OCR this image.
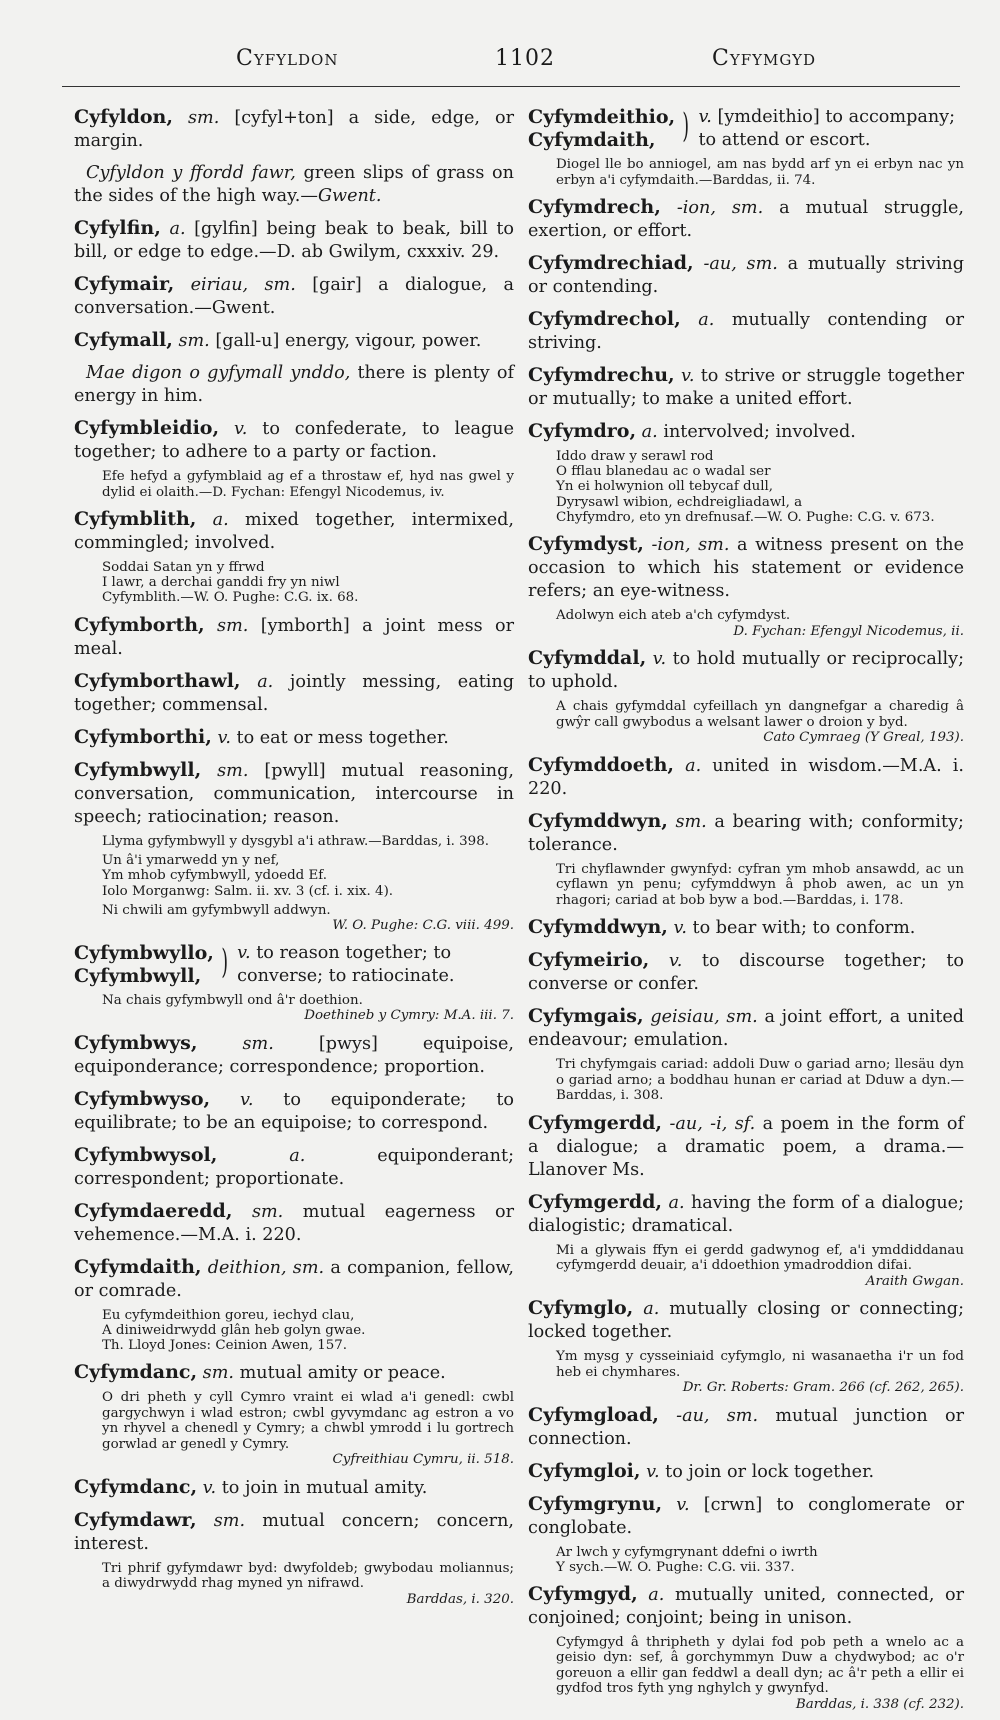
Cyfyldon	1102	Cyfymgyd
Cyfyldon, sm. [cyfyl+ton] a side, edge, or margin.
Cyfyldon y ffordd fawr, green slips of grass on the sides of the high way.—Gwent.
Cyfylfin, a. [gylfin] being beak to beak, bill to bill, or edge to edge.—D. ab Gwilym, cxxxiv. 29.
Cyfymair, eiriau, sm. [gair] a dialogue, a conversation.—Gwent.
Cyfymall, sm. [gall-u] energy, vigour, power.
Mae digon o gyfymall ynddo, there is plenty of energy in him.
Cyfymbleidio, v. to confederate, to league together; to adhere to a party or faction.
Efe hefyd a gyfymblaid ag ef a throstaw ef, hyd nas gwel y dylid ei olaith.—D. Fychan: Efengyl Nicodemus, iv.
Cyfymblith, a. mixed together, intermixed, commingled; involved.
Soddai Satan yn y ffrwd
I lawr, a derchai ganddi fry yn niwl
Cyfymblith.—W. O. Pughe: C.G. ix. 68.
Cyfymborth, sm. [ymborth] a joint mess or meal.
Cyfymborthawl, a. jointly messing, eating together; commensal.
Cyfymborthi, v. to eat or mess together.
Cyfymbwyll, sm. [pwyll] mutual reasoning, conversation, communication, intercourse in speech; ratiocination; reason.
Llyma gyfymbwyll y dysgybl a'i athraw.—Barddas, i. 398.
Un â'i ymarwedd yn y nef,
Ym mhob cyfymbwyll, ydoedd Ef.
Iolo Morganwg: Salm. ii. xv. 3 (cf. i. xix. 4).
Ni chwili am gyfymbwyll addwyn.
W. O. Pughe: C.G. viii. 499.
Cyfymbwyllo,
Cyfymbwyll, ) v. to reason together; to converse; to ratiocinate.
Na chais gyfymbwyll ond â'r doethion.
Doethineb y Cymry: M.A. iii. 7.
Cyfymbwys,	sm.	[pwys] equipoise, equiponderance; correspondence; proportion.
Cyfymbwyso, v. to equiponderate; to equilibrate; to be an equipoise; to correspond.
Cyfymbwysol,	a.	equiponderant; correspondent; proportionate.
Cyfymdaeredd, sm. mutual eagerness or vehemence.—M.A. i. 220.
Cyfymdaith, deithion, sm. a companion, fellow, or comrade.
Eu cyfymdeithion goreu, iechyd clau,
A diniweidrwydd glân heb golyn gwae.
Th. Lloyd Jones: Ceinion Awen, 157.
Cyfymdanc, sm. mutual amity or peace.
O dri pheth y cyll Cymro vraint ei wlad a'i genedl: cwbl gargychwyn i wlad estron; cwbl gyvymdanc ag estron a vo yn rhyvel a chenedl y Cymry; a chwbl ymrodd i lu gortrech gorwlad ar genedl y Cymry.
Cyfreithiau Cymru, ii. 518.
Cyfymdanc, v. to join in mutual amity.
Cyfymdawr, sm. mutual concern; concern, interest.
Tri phrif gyfymdawr byd: dwyfoldeb; gwybodau moliannus; a diwydrwydd rhag myned yn nifrawd.
Barddas, i. 320.
Cyfymdeithio,
Cyfymdaith, ) v. [ymdeithio] to accompany; to attend or escort.
Diogel lle bo anniogel, am nas bydd arf yn ei erbyn nac yn erbyn a'i cyfymdaith.—Barddas, ii. 74.
Cyfymdrech, -ion, sm. a mutual struggle, exertion, or effort.
Cyfymdrechiad, -au, sm. a mutually striving or contending.
Cyfymdrechol, a. mutually contending or striving.
Cyfymdrechu, v. to strive or struggle together or mutually; to make a united effort.
Cyfymdro, a. intervolved; involved.
Iddo draw y serawl rod
O fflau blanedau ac o wadal ser
Yn ei holwynion oll tebycaf dull,
Dyrysawl wibion, echdreigliadawl, a
Chyfymdro, eto yn drefnusaf.—W. O. Pughe: C.G. v. 673.
Cyfymdyst, -ion, sm. a witness present on the occasion to which his statement or evidence refers; an eye-witness.
Adolwyn eich ateb a'ch cyfymdyst.
D. Fychan: Efengyl Nicodemus, ii.
Cyfymddal, v. to hold mutually or reciprocally; to uphold.
A chais gyfymddal cyfeillach yn dangnefgar a charedig â gwŷr call gwybodus a welsant lawer o droion y byd.
Cato Cymraeg (Y Greal, 193).
Cyfymddoeth, a. united in wisdom.—M.A. i. 220.
Cyfymddwyn, sm. a bearing with; conformity; tolerance.
Tri chyflawnder gwynfyd: cyfran ym mhob ansawdd, ac un cyflawn yn penu; cyfymddwyn â phob awen, ac un yn rhagori; cariad at bob byw a bod.—Barddas, i. 178.
Cyfymddwyn, v. to bear with; to conform.
Cyfymeirio, v. to discourse together; to converse or confer.
Cyfymgais, geisiau, sm. a joint effort, a united endeavour; emulation.
Tri chyfymgais cariad: addoli Duw o gariad arno; llesäu dyn o gariad arno; a boddhau hunan er cariad at Dduw a dyn.—Barddas, i. 308.
Cyfymgerdd, -au, -i, sf. a poem in the form of a dialogue; a dramatic poem, a drama.—Llanover Ms.
Cyfymgerdd, a. having the form of a dialogue; dialogistic; dramatical.
Mi a glywais ffyn ei gerdd gadwynog ef, a'i ymddiddanau cyfymgerdd deuair, a'i ddoethion ymadroddion difai.
Araith Gwgan.
Cyfymglo, a. mutually closing or connecting; locked together.
Ym mysg y cysseiniaid cyfymglo, ni wasanaetha i'r un fod heb ei chymhares.
Dr. Gr. Roberts: Gram. 266 (cf. 262, 265).
Cyfymgload, -au, sm. mutual junction or connection.
Cyfymgloi, v. to join or lock together.
Cyfymgrynu, v. [crwn] to conglomerate or conglobate.
Ar lwch y cyfymgrynant ddefni o iwrth
Y sych.—W. O. Pughe: C.G. vii. 337.
Cyfymgyd, a. mutually united, connected, or conjoined; conjoint; being in unison.
Cyfymgyd â thripheth y dylai fod pob peth a wnelo ac a geisio dyn: sef, â gorchymmyn Duw a chydwybod; ac o'r goreuon a ellir gan feddwl a deall dyn; ac â'r peth a ellir ei gydfod tros fyth yng nghylch y gwynfyd.
Barddas, i. 338 (cf. 232).
